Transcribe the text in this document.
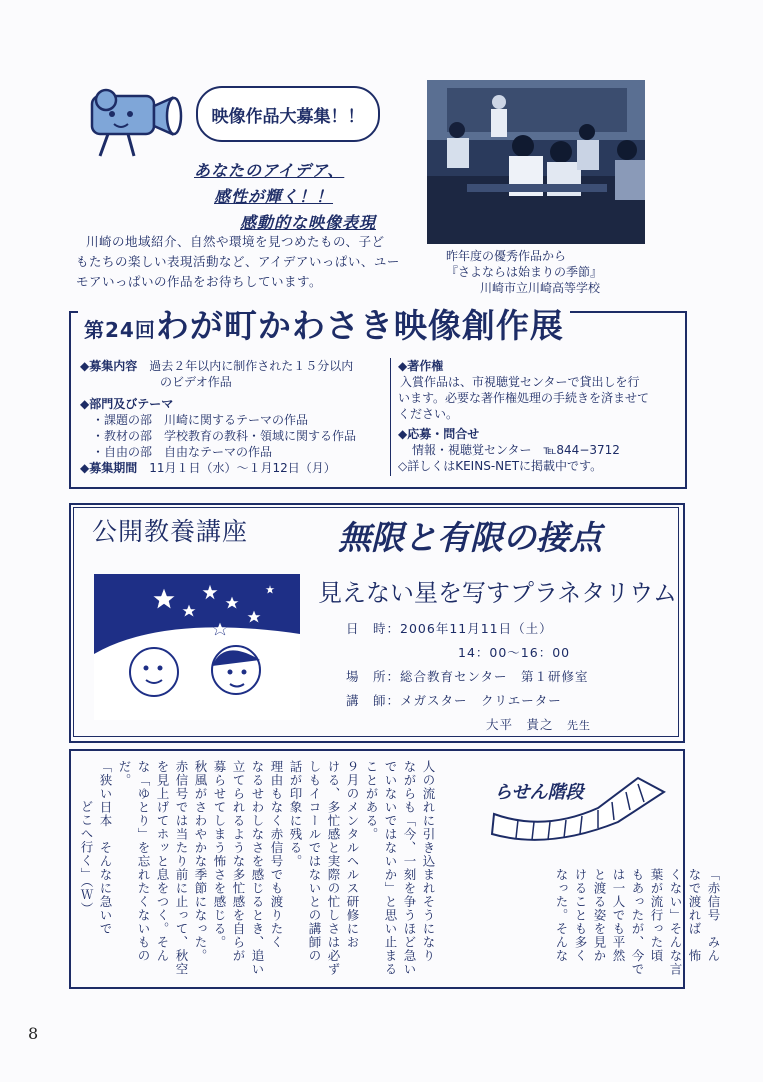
映像作品大募集！！
あなたのアイデア、
感性が輝く！！
感動的な映像表現
川崎の地域紹介、自然や環境を見つめたもの、子ど
もたちの楽しい表現活動など、アイデアいっぱい、ユー
モアいっぱいの作品をお待ちしています。
昨年度の優秀作品から
『さよならは始まりの季節』
川崎市立川崎高等学校
第24回わが町かわさき映像創作展
◆募集内容　 過去２年以内に制作された１５分以内
のビデオ作品
◆部門及びテーマ
・課題の部　川崎に関するテーマの作品
・教材の部　学校教育の教科・領域に関する作品
・自由の部　自由なテーマの作品
◆募集期間　 11月１日（水）～１月12日（月）
◆著作権
入賞作品は、市視聴覚センターで貸出しを行
います。必要な著作権処理の手続きを済ませて
ください。
◆応募・問合せ
情報・視聴覚センター　℡844−3712
◇詳しくはKEINS-NETに掲載中です。
公開教養講座	無限と有限の接点
見えない星を写すプラネタリウム
日　時：2006年11月11日（土）
14：00～16：00
場　所：総合教育センター　第１研修室
講　師：メガスター　クリエーター
大平　貴之　 先生
らせん階段
「赤信号　みん
なで渡れば　怖
くない」そんな言
葉が流行った頃
もあったが、今で
は一人でも平然
と渡る姿を見か
けることも多く
なった。そんな
人の流れに引き込まれそうになり
ながらも「今、一刻を争うほど急い
でいないではないか」と思い止まる
ことがある。
９月のメンタルヘルス研修にお
ける、多忙感と実際の忙しさは必ず
しもイコールではないとの講師の
話が印象に残る。
理由もなく赤信号でも渡りたく
なるせわしなさを感じるとき、追い
立てられるような多忙感を自らが
募らせてしまう怖さを感じる。
秋風がさわやかな季節になった。
赤信号では当たり前に止って、秋空
を見上げてホッと息をつく。そん
な「ゆとり」を忘れたくないものだ。
「狭い日本　そんなに急いで
どこへ行く」（Ｗ）
8
